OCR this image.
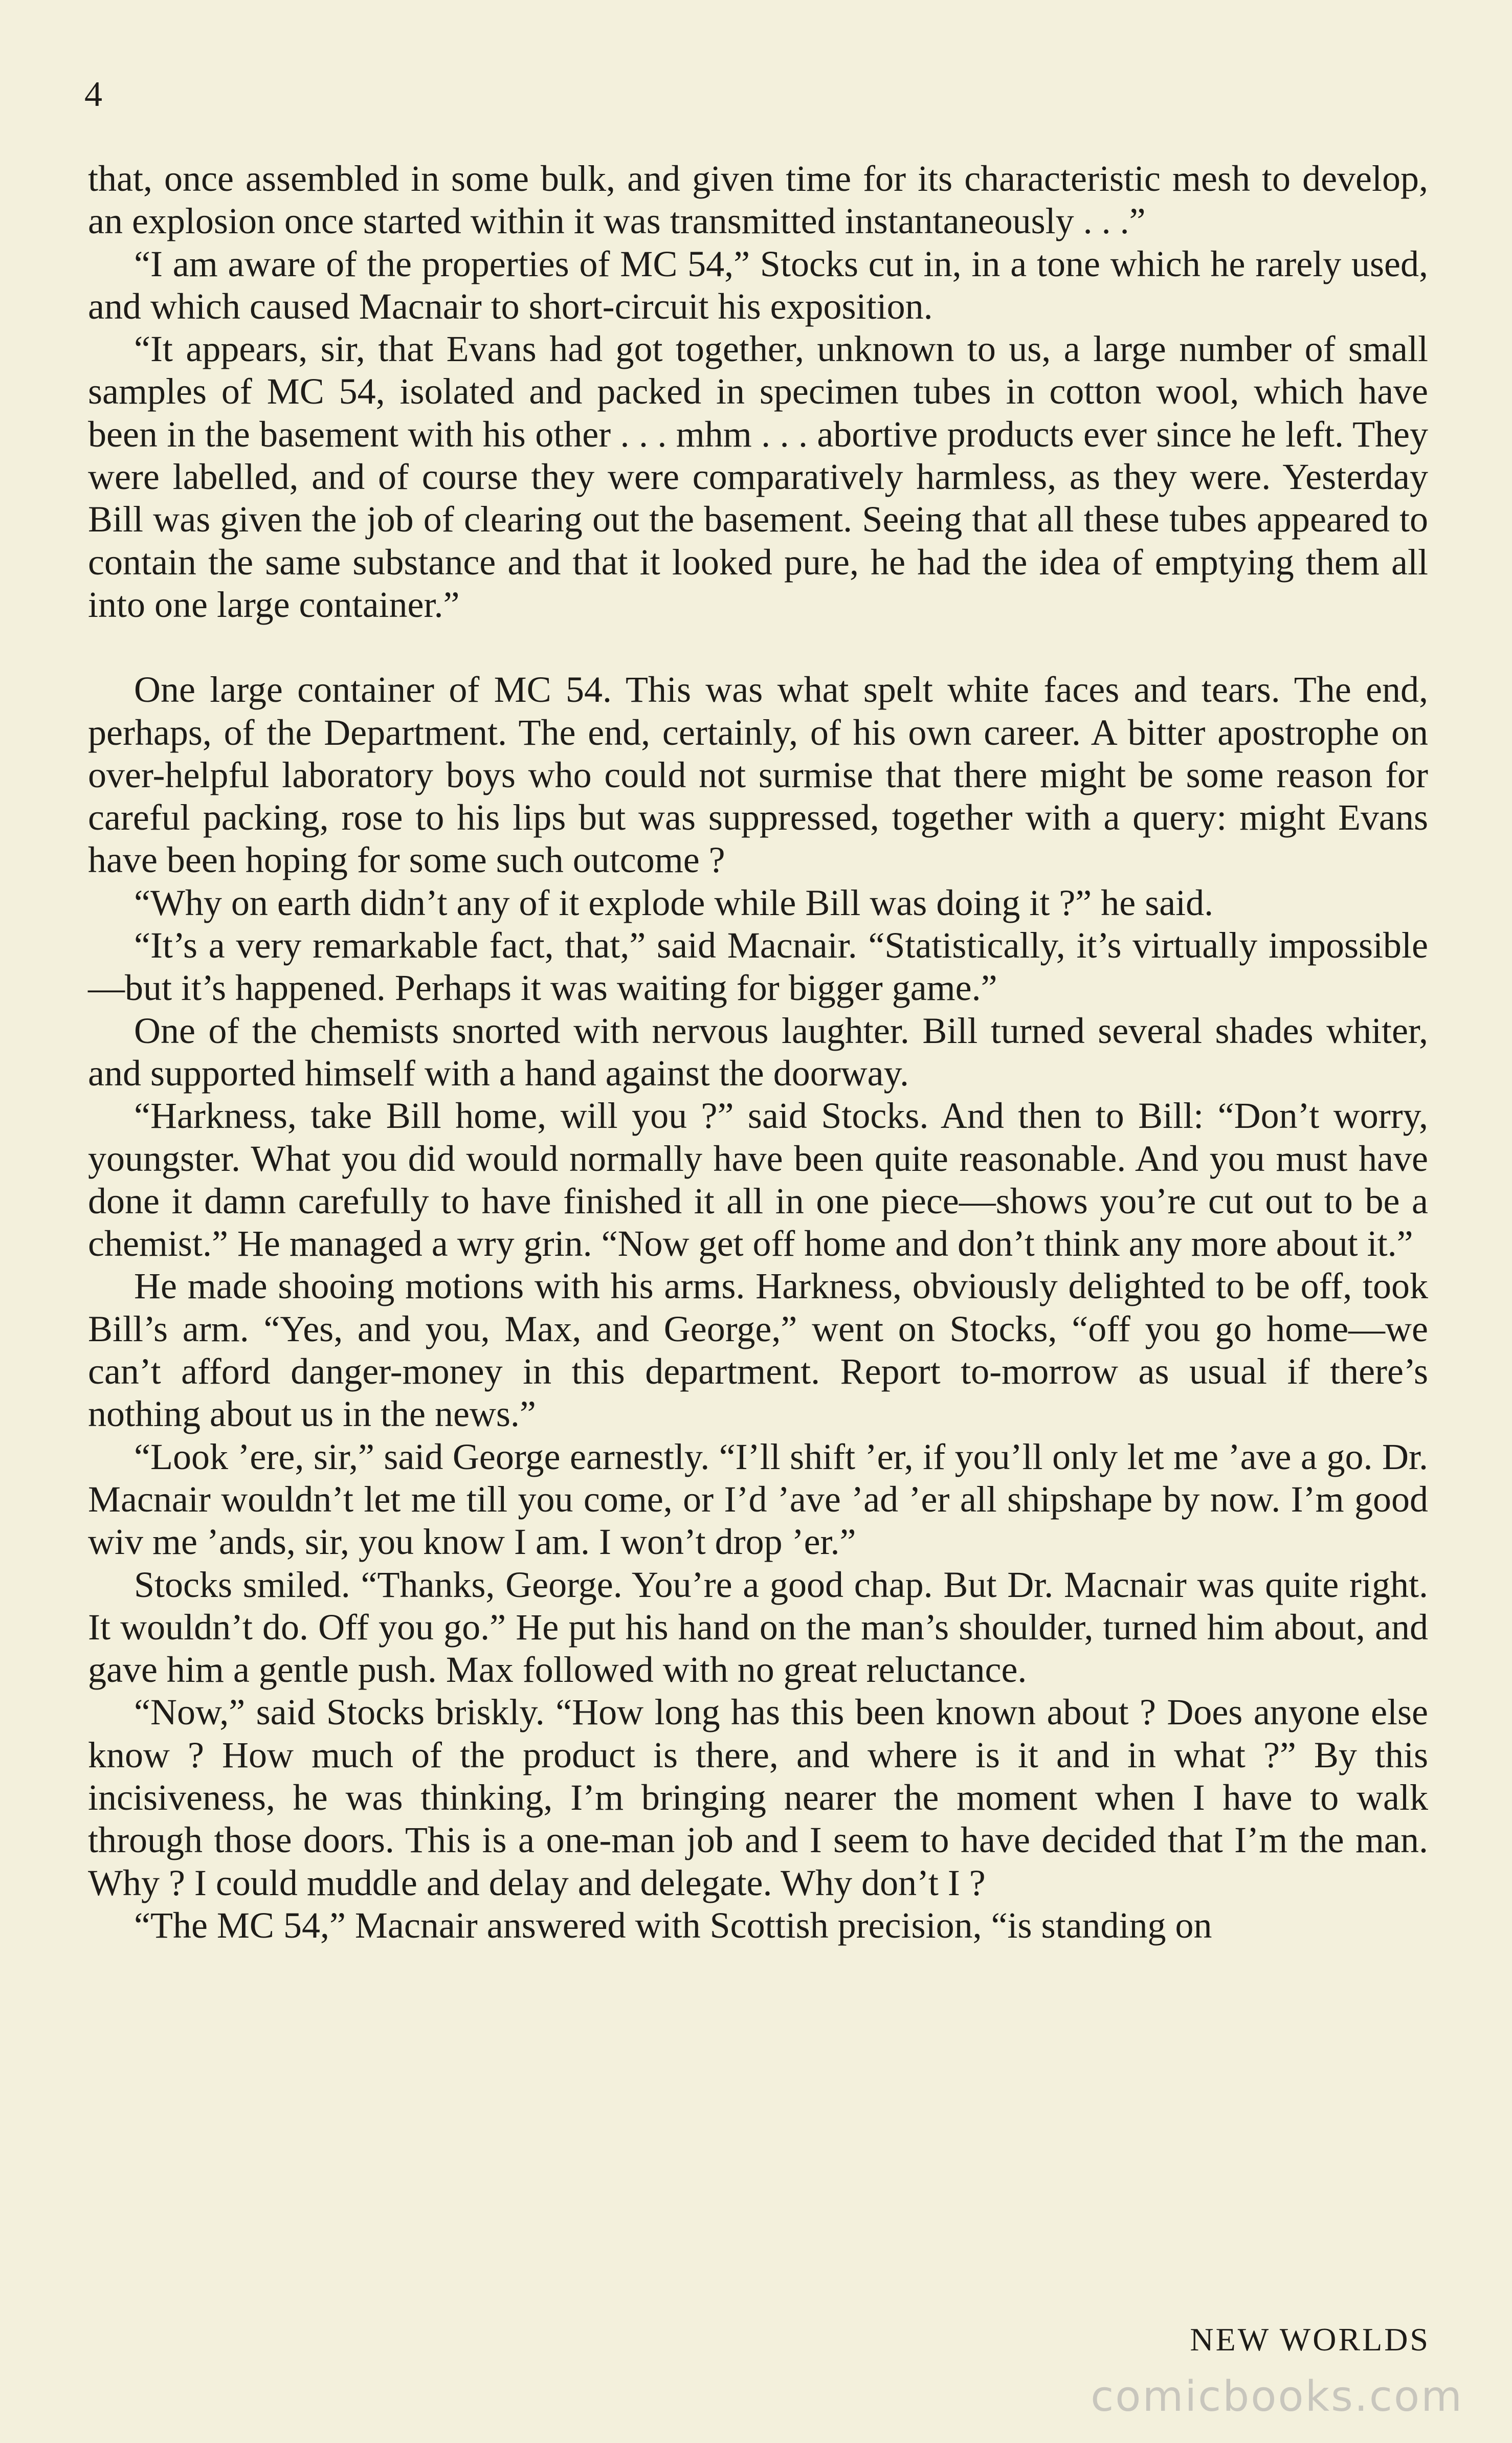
4

that, once assembled in some bulk, and given time for its characteristic mesh to develop, an explosion once started within it was transmitted instantaneously . . .”

“I am aware of the properties of MC 54,” Stocks cut in, in a tone which he rarely used, and which caused Macnair to short-circuit his exposition.

“It appears, sir, that Evans had got together, unknown to us, a large number of small samples of MC 54, isolated and packed in specimen tubes in cotton wool, which have been in the basement with his other . . . mhm . . . abortive products ever since he left. They were labelled, and of course they were comparatively harmless, as they were. Yesterday Bill was given the job of clearing out the basement. Seeing that all these tubes appeared to contain the same substance and that it looked pure, he had the idea of emptying them all into one large container.”

One large container of MC 54. This was what spelt white faces and tears. The end, perhaps, of the Department. The end, certainly, of his own career. A bitter apostrophe on over-helpful laboratory boys who could not surmise that there might be some reason for careful packing, rose to his lips but was suppressed, together with a query: might Evans have been hoping for some such outcome ?

“Why on earth didn’t any of it explode while Bill was doing it ?” he said.

“It’s a very remarkable fact, that,” said Macnair. “Statistically, it’s virtually impossible—but it’s happened. Perhaps it was waiting for bigger game.”

One of the chemists snorted with nervous laughter. Bill turned several shades whiter, and supported himself with a hand against the doorway.

“Harkness, take Bill home, will you ?” said Stocks. And then to Bill: “Don’t worry, youngster. What you did would normally have been quite reasonable. And you must have done it damn carefully to have finished it all in one piece—shows you’re cut out to be a chemist.” He managed a wry grin. “Now get off home and don’t think any more about it.”

He made shooing motions with his arms. Harkness, obviously delighted to be off, took Bill’s arm. “Yes, and you, Max, and George,” went on Stocks, “off you go home—we can’t afford danger-money in this department. Report to-morrow as usual if there’s nothing about us in the news.”

“Look ’ere, sir,” said George earnestly. “I’ll shift ’er, if you’ll only let me ’ave a go. Dr. Macnair wouldn’t let me till you come, or I’d ’ave ’ad ’er all shipshape by now. I’m good wiv me ’ands, sir, you know I am. I won’t drop ’er.”

Stocks smiled. “Thanks, George. You’re a good chap. But Dr. Macnair was quite right. It wouldn’t do. Off you go.” He put his hand on the man’s shoulder, turned him about, and gave him a gentle push. Max followed with no great reluctance.

“Now,” said Stocks briskly. “How long has this been known about ? Does anyone else know ? How much of the product is there, and where is it and in what ?” By this incisiveness, he was thinking, I’m bringing nearer the moment when I have to walk through those doors. This is a one-man job and I seem to have decided that I’m the man. Why ? I could muddle and delay and delegate. Why don’t I ?

“The MC 54,” Macnair answered with Scottish precision, “is standing on

NEW WORLDS
comicbooks.com
